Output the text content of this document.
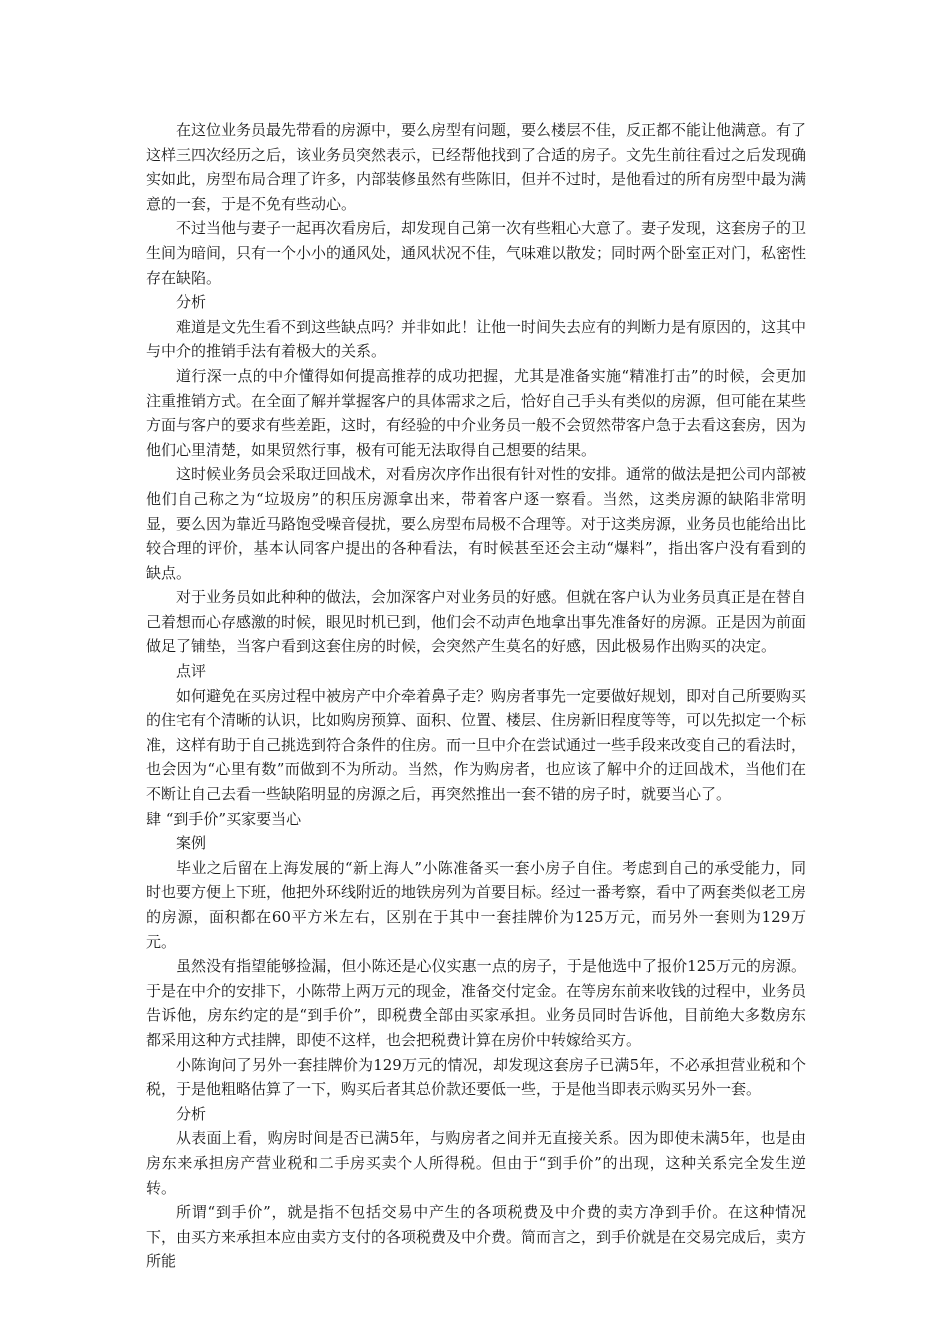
在这位业务员最先带看的房源中，要么房型有问题，要么楼层不佳，反正都不能让他满意。有了这样三四次经历之后，该业务员突然表示，已经帮他找到了合适的房子。文先生前往看过之后发现确实如此，房型布局合理了许多，内部装修虽然有些陈旧，但并不过时，是他看过的所有房型中最为满意的一套，于是不免有些动心。

不过当他与妻子一起再次看房后，却发现自己第一次有些粗心大意了。妻子发现，这套房子的卫生间为暗间，只有一个小小的通风处，通风状况不佳，气味难以散发；同时两个卧室正对门，私密性存在缺陷。

分析

难道是文先生看不到这些缺点吗？并非如此！让他一时间失去应有的判断力是有原因的，这其中与中介的推销手法有着极大的关系。

道行深一点的中介懂得如何提高推荐的成功把握，尤其是准备实施“精准打击”的时候，会更加注重推销方式。在全面了解并掌握客户的具体需求之后，恰好自己手头有类似的房源，但可能在某些方面与客户的要求有些差距，这时，有经验的中介业务员一般不会贸然带客户急于去看这套房，因为他们心里清楚，如果贸然行事，极有可能无法取得自己想要的结果。

这时候业务员会采取迂回战术，对看房次序作出很有针对性的安排。通常的做法是把公司内部被他们自己称之为“垃圾房”的积压房源拿出来，带着客户逐一察看。当然，这类房源的缺陷非常明显，要么因为靠近马路饱受噪音侵扰，要么房型布局极不合理等。对于这类房源，业务员也能给出比较合理的评价，基本认同客户提出的各种看法，有时候甚至还会主动“爆料”，指出客户没有看到的缺点。

对于业务员如此种种的做法，会加深客户对业务员的好感。但就在客户认为业务员真正是在替自己着想而心存感激的时候，眼见时机已到，他们会不动声色地拿出事先准备好的房源。正是因为前面做足了铺垫，当客户看到这套住房的时候，会突然产生莫名的好感，因此极易作出购买的决定。

点评

如何避免在买房过程中被房产中介牵着鼻子走？购房者事先一定要做好规划，即对自己所要购买的住宅有个清晰的认识，比如购房预算、面积、位置、楼层、住房新旧程度等等，可以先拟定一个标准，这样有助于自己挑选到符合条件的住房。而一旦中介在尝试通过一些手段来改变自己的看法时，也会因为“心里有数”而做到不为所动。当然，作为购房者，也应该了解中介的迂回战术，当他们在不断让自己去看一些缺陷明显的房源之后，再突然推出一套不错的房子时，就要当心了。

肆 “到手价”买家要当心

案例

毕业之后留在上海发展的“新上海人”小陈准备买一套小房子自住。考虑到自己的承受能力，同时也要方便上下班，他把外环线附近的地铁房列为首要目标。经过一番考察，看中了两套类似老工房的房源，面积都在60平方米左右，区别在于其中一套挂牌价为125万元，而另外一套则为129万元。

虽然没有指望能够捡漏，但小陈还是心仪实惠一点的房子，于是他选中了报价125万元的房源。于是在中介的安排下，小陈带上两万元的现金，准备交付定金。在等房东前来收钱的过程中，业务员告诉他，房东约定的是“到手价”，即税费全部由买家承担。业务员同时告诉他，目前绝大多数房东都采用这种方式挂牌，即使不这样，也会把税费计算在房价中转嫁给买方。

小陈询问了另外一套挂牌价为129万元的情况，却发现这套房子已满5年，不必承担营业税和个税，于是他粗略估算了一下，购买后者其总价款还要低一些，于是他当即表示购买另外一套。

分析

从表面上看，购房时间是否已满5年，与购房者之间并无直接关系。因为即使未满5年，也是由房东来承担房产营业税和二手房买卖个人所得税。但由于“到手价”的出现，这种关系完全发生逆转。

所谓“到手价”，就是指不包括交易中产生的各项税费及中介费的卖方净到手价。在这种情况下，由买方来承担本应由卖方支付的各项税费及中介费。简而言之，到手价就是在交易完成后，卖方所能
